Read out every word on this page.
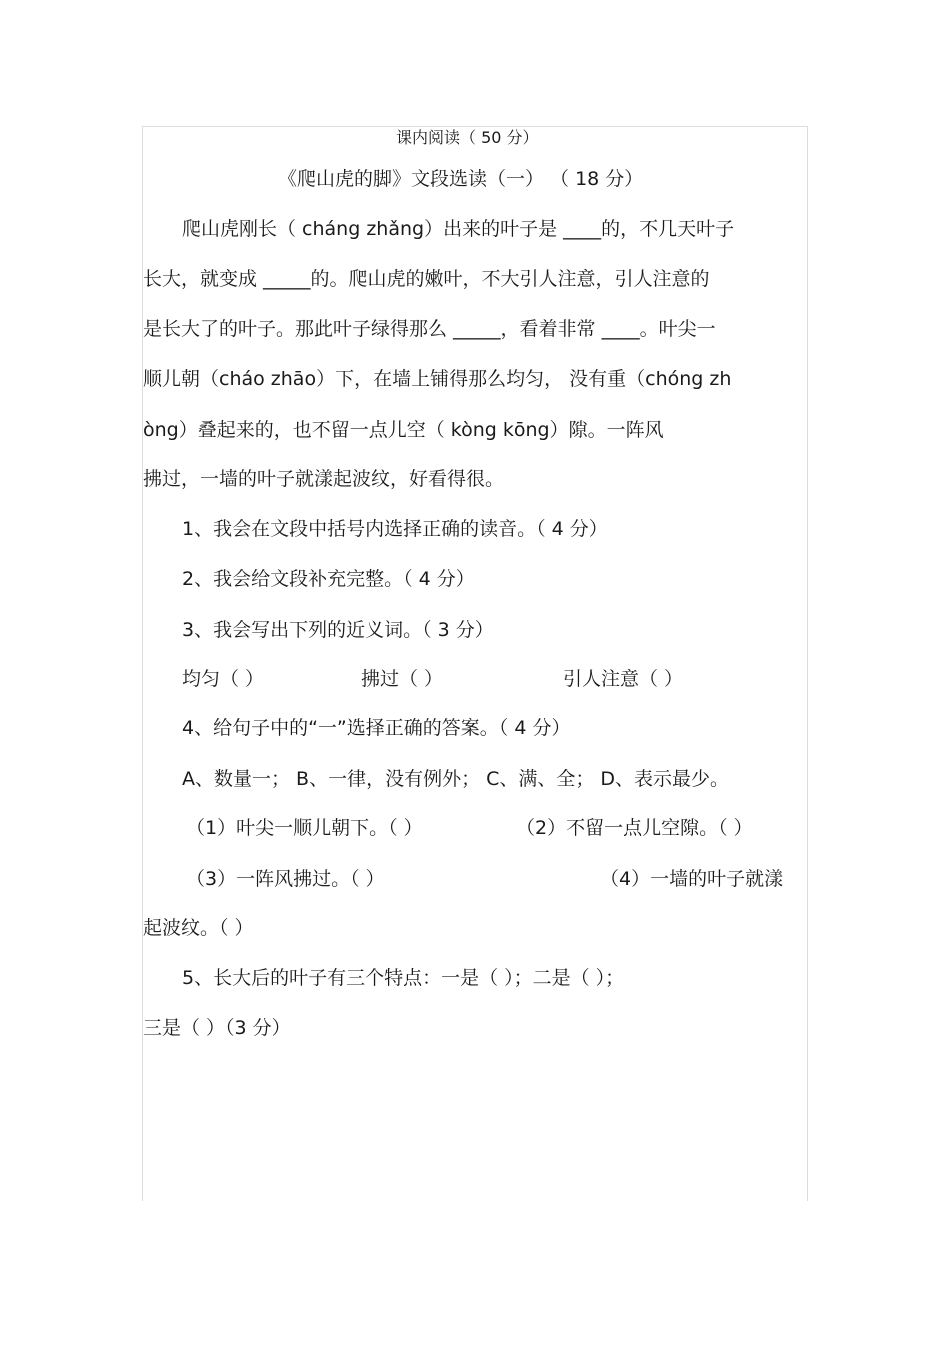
课内阅读（ 50 分）
《爬山虎的脚》文段选读（一） （ 18 分）
爬山虎刚长（ cháng zhǎng）出来的叶子是 ____的，不几天叶子
长大，就变成 _____的。爬山虎的嫩叶，不大引人注意，引人注意的
是长大了的叶子。那此叶子绿得那么 _____，看着非常 ____。叶尖一
顺儿朝（cháo zhāo）下，在墙上铺得那么均匀， 没有重（chóng zh
òng）叠起来的，也不留一点儿空（ kòng kōng）隙。一阵风
拂过，一墙的叶子就漾起波纹，好看得很。
1、我会在文段中括号内选择正确的读音。（ 4 分）
2、我会给文段补充完整。（ 4 分）
3、我会写出下列的近义词。（ 3 分）
均匀（ ）	拂过（ ）	引人注意（ ）
4、给句子中的“一”选择正确的答案。（ 4 分）
A、数量一； B、一律，没有例外； C、满、全； D、表示最少。
（1）叶尖一顺儿朝下。（ ）	（2）不留一点儿空隙。（ ）
（3）一阵风拂过。（ ）	（4）一墙的叶子就漾
起波纹。（ ）
5、长大后的叶子有三个特点：一是（ ）；二是（ ）；
三是（ ）（3 分）
